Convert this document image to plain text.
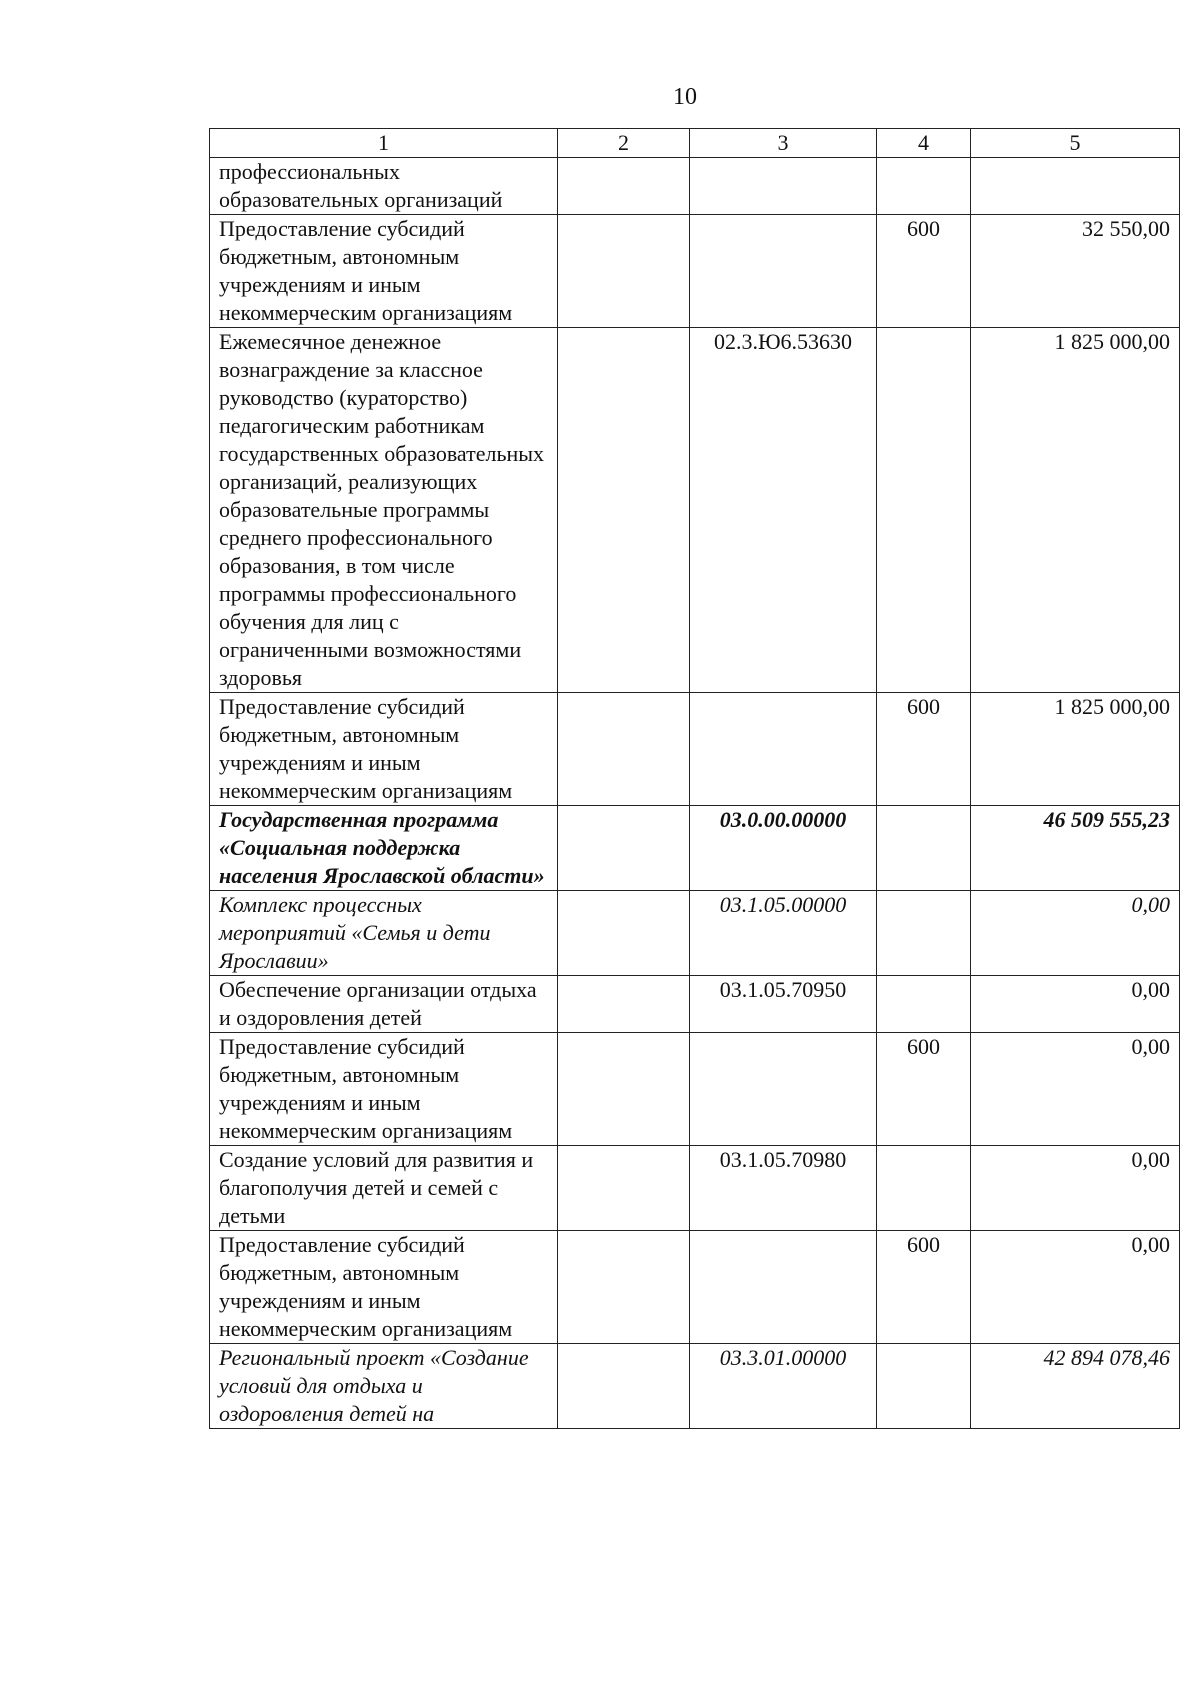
10
1	2	3	4	5
профессиональных образовательных организаций				
Предоставление субсидий бюджетным, автономным учреждениям и иным некоммерческим организациям			600	32 550,00
Ежемесячное денежное вознаграждение за классное руководство (кураторство) педагогическим работникам государственных образовательных организаций, реализующих образовательные программы среднего профессионального образования, в том числе программы профессионального обучения для лиц с ограниченными возможностями здоровья		02.3.Ю6.53630		1 825 000,00
Предоставление субсидий бюджетным, автономным учреждениям и иным некоммерческим организациям			600	1 825 000,00
Государственная программа «Социальная поддержка населения Ярославской области»		03.0.00.00000		46 509 555,23
Комплекс процессных мероприятий «Семья и дети Ярославии»		03.1.05.00000		0,00
Обеспечение организации отдыха и оздоровления детей		03.1.05.70950		0,00
Предоставление субсидий бюджетным, автономным учреждениям и иным некоммерческим организациям			600	0,00
Создание условий для развития и благополучия детей и семей с детьми		03.1.05.70980		0,00
Предоставление субсидий бюджетным, автономным учреждениям и иным некоммерческим организациям			600	0,00
Региональный проект «Создание условий для отдыха и оздоровления детей на		03.3.01.00000		42 894 078,46
